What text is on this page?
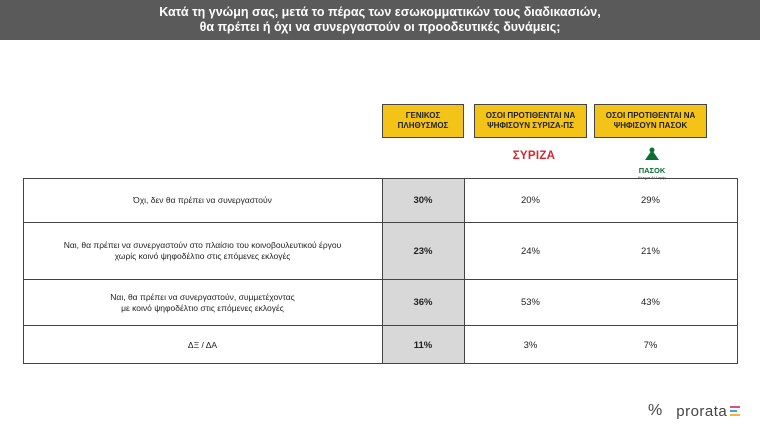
Κατά τη γνώμη σας, μετά το πέρας των εσωκομματικών τους διαδικασιών,
θα πρέπει ή όχι να συνεργαστούν οι προοδευτικές δυνάμεις;
ΓΕΝΙΚΟΣ
ΠΛΗΘΥΣΜΟΣ
ΟΣΟΙ ΠΡΟΤΙΘΕΝΤΑΙ ΝΑ
ΨΗΦΙΣΟΥΝ ΣΥΡΙΖΑ-ΠΣ
ΟΣΟΙ ΠΡΟΤΙΘΕΝΤΑΙ ΝΑ
ΨΗΦΙΣΟΥΝ ΠΑΣΟΚ
ΣΥΡΙΖΑ

ΠΑΣΟΚ
Κίνημα Αλλαγής
Όχι, δεν θα πρέπει να συνεργαστούν	30%	20%	29%
Ναι, θα πρέπει να συνεργαστούν στο πλαίσιο του κοινοβουλευτικού έργου
χωρίς κοινό ψηφοδέλτιο στις επόμενες εκλογές	23%	24%	21%
Ναι, θα πρέπει να συνεργαστούν, συμμετέχοντας
με κοινό ψηφοδέλτιο στις επόμενες εκλογές	36%	53%	43%
ΔΞ / ΔΑ	11%	3%	7%
% prorata
